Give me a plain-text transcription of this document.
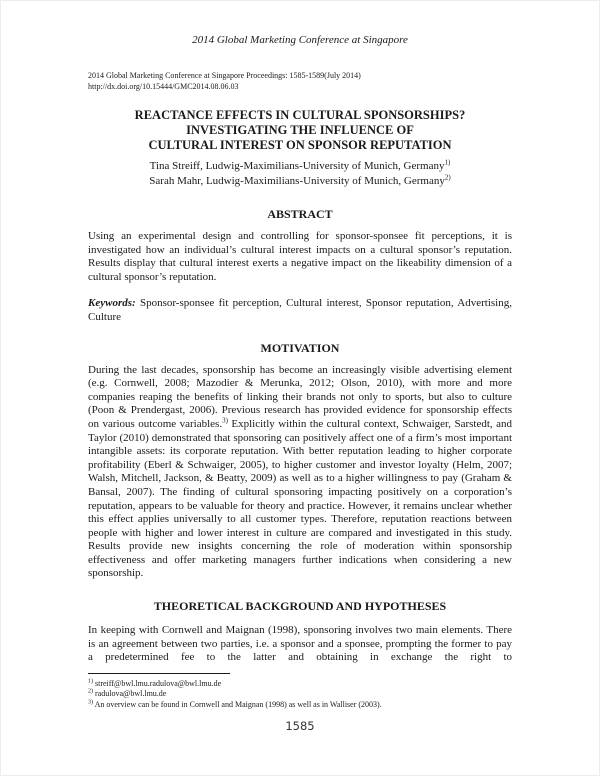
2014 Global Marketing Conference at Singapore
2014 Global Marketing Conference at Singapore Proceedings: 1585-1589(July 2014)
http://dx.doi.org/10.15444/GMC2014.08.06.03
REACTANCE EFFECTS IN CULTURAL SPONSORSHIPS?
INVESTIGATING THE INFLUENCE OF
CULTURAL INTEREST ON SPONSOR REPUTATION
Tina Streiff, Ludwig-Maximilians-University of Munich, Germany$^{1)}$
Sarah Mahr, Ludwig-Maximilians-University of Munich, Germany$^{2)}$
ABSTRACT

Using an experimental design and controlling for sponsor-sponsee fit perceptions, it is investigated how an individual’s cultural interest impacts on a cultural sponsor’s reputation. Results display that cultural interest exerts a negative impact on the likeability dimension of a cultural sponsor’s reputation.

Keywords: Sponsor-sponsee fit perception, Cultural interest, Sponsor reputation, Advertising, Culture

MOTIVATION

During the last decades, sponsorship has become an increasingly visible advertising element (e.g. Cornwell, 2008; Mazodier & Merunka, 2012; Olson, 2010), with more and more companies reaping the benefits of linking their brands not only to sports, but also to culture (Poon & Prendergast, 2006). Previous research has provided evidence for sponsorship effects on various outcome variables.$^{3)}$ Explicitly within the cultural context, Schwaiger, Sarstedt, and Taylor (2010) demonstrated that sponsoring can positively affect one of a firm’s most important intangible assets: its corporate reputation. With better reputation leading to higher corporate profitability (Eberl & Schwaiger, 2005), to higher customer and investor loyalty (Helm, 2007; Walsh, Mitchell, Jackson, & Beatty, 2009) as well as to a higher willingness to pay (Graham & Bansal, 2007). The finding of cultural sponsoring impacting positively on a corporation’s reputation, appears to be valuable for theory and practice. However, it remains unclear whether this effect applies universally to all customer types. Therefore, reputation reactions between people with higher and lower interest in culture are compared and investigated in this study. Results provide new insights concerning the role of moderation within sponsorship effectiveness and offer marketing managers further indications when considering a new sponsorship.

THEORETICAL BACKGROUND AND HYPOTHESES

In keeping with Cornwell and Maignan (1998), sponsoring involves two main elements. There is an agreement between two parties, i.e. a sponsor and a sponsee, prompting the former to pay a predetermined fee to the latter and obtaining in exchange the right to

$^{1)}$ streiff@bwl.lmu.radulova@bwl.lmu.de
$^{2)}$ radulova@bwl.lmu.de
$^{3)}$ An overview can be found in Cornwell and Maignan (1998) as well as in Walliser (2003).
1585
